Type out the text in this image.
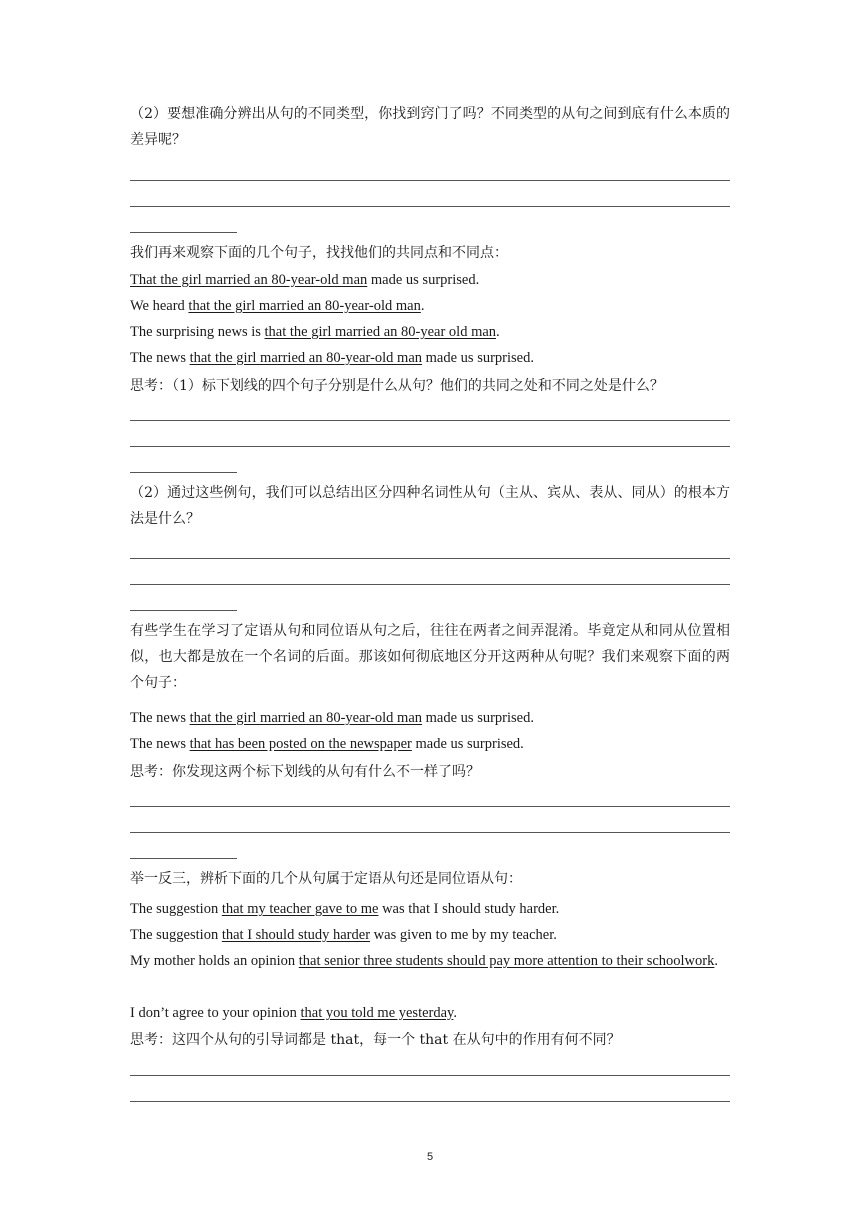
（2）要想准确分辨出从句的不同类型，你找到窍门了吗？不同类型的从句之间到底有什么本质的差异呢？
我们再来观察下面的几个句子，找找他们的共同点和不同点：
That the girl married an 80-year-old man made us surprised.
We heard that the girl married an 80-year-old man.
The surprising news is that the girl married an 80-year old man.
The news that the girl married an 80-year-old man made us surprised.
思考：（1）标下划线的四个句子分别是什么从句？他们的共同之处和不同之处是什么？
（2）通过这些例句，我们可以总结出区分四种名词性从句（主从、宾从、表从、同从）的根本方法是什么？
有些学生在学习了定语从句和同位语从句之后，往往在两者之间弄混淆。毕竟定从和同从位置相似，也大都是放在一个名词的后面。那该如何彻底地区分开这两种从句呢？我们来观察下面的两个句子：
The news that the girl married an 80-year-old man made us surprised.
The news that has been posted on the newspaper made us surprised.
思考：你发现这两个标下划线的从句有什么不一样了吗？
举一反三，辨析下面的几个从句属于定语从句还是同位语从句：
The suggestion that my teacher gave to me was that I should study harder.
The suggestion that I should study harder was given to me by my teacher.
My mother holds an opinion that senior three students should pay more attention to their schoolwork.
I don’t agree to your opinion that you told me yesterday.
思考：这四个从句的引导词都是 that，每一个 that 在从句中的作用有何不同？
5
